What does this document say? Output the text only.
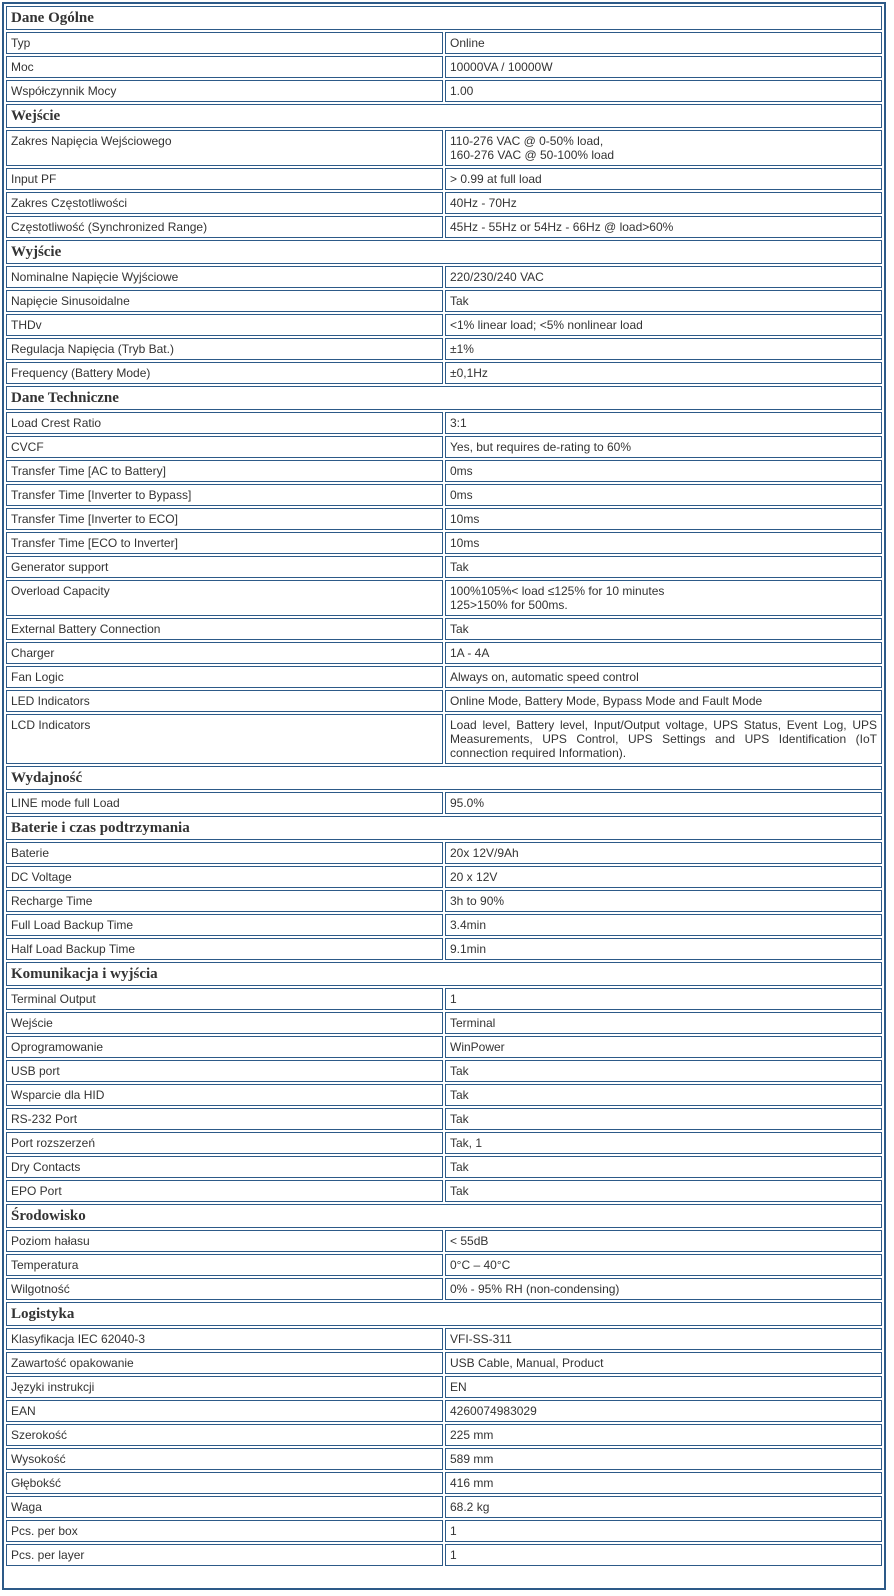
Dane Ogólne	
Typ	Online
Moc	10000VA / 10000W
Współczynnik Mocy	1.00
Wejście	
Zakres Napięcia Wejściowego	110-276 VAC @ 0-50% load,
160-276 VAC @ 50-100% load
Input PF	> 0.99 at full load
Zakres Częstotliwości	40Hz - 70Hz
Częstotliwość (Synchronized Range)	45Hz - 55Hz or 54Hz - 66Hz @ load>60%
Wyjście	
Nominalne Napięcie Wyjściowe	220/230/240 VAC
Napięcie Sinusoidalne	Tak
THDv	<1% linear load; <5% nonlinear load
Regulacja Napięcia (Tryb Bat.)	±1%
Frequency (Battery Mode)	±0,1Hz
Dane Techniczne	
Load Crest Ratio	3:1
CVCF	Yes, but requires de-rating to 60%
Transfer Time [AC to Battery]	0ms
Transfer Time [Inverter to Bypass]	0ms
Transfer Time [Inverter to ECO]	10ms
Transfer Time [ECO to Inverter]	10ms
Generator support	Tak
Overload Capacity	100%105%< load ≤125% for 10 minutes
125>150% for 500ms.
External Battery Connection	Tak
Charger	1A - 4A
Fan Logic	Always on, automatic speed control
LED Indicators	Online Mode, Battery Mode, Bypass Mode and Fault Mode
LCD Indicators	Load level, Battery level, Input/Output voltage, UPS Status, Event Log, UPS Measurements, UPS Control, UPS Settings and UPS Identification (IoT connection required Information).
Wydajność	
LINE mode full Load	95.0%
Baterie i czas podtrzymania	
Baterie	20x 12V/9Ah
DC Voltage	20 x 12V
Recharge Time	3h to 90%
Full Load Backup Time	3.4min
Half Load Backup Time	9.1min
Komunikacja i wyjścia	
Terminal Output	1
Wejście	Terminal
Oprogramowanie	WinPower
USB port	Tak
Wsparcie dla HID	Tak
RS-232 Port	Tak
Port rozszerzeń	Tak, 1
Dry Contacts	Tak
EPO Port	Tak
Środowisko	
Poziom hałasu	< 55dB
Temperatura	0°C – 40°C
Wilgotność	0% - 95% RH (non-condensing)
Logistyka	
Klasyfikacja IEC 62040-3	VFI-SS-311
Zawartość opakowanie	USB Cable, Manual, Product
Języki instrukcji	EN
EAN	4260074983029
Szerokość	225 mm
Wysokość	589 mm
Głębokść	416 mm
Waga	68.2 kg
Pcs. per box	1
Pcs. per layer	1
